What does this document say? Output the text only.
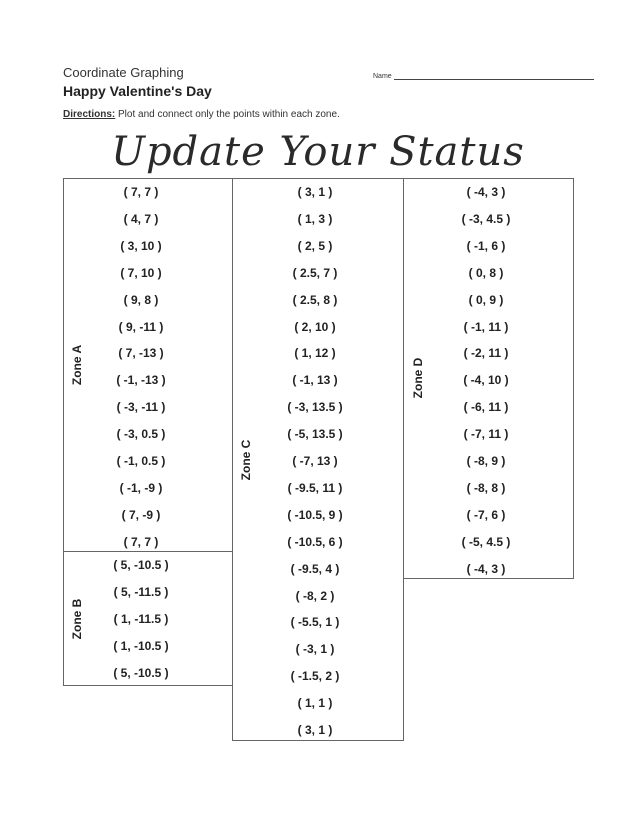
Coordinate Graphing
Happy Valentine's Day
Directions: Plot and connect only the points within each zone.
Name
Update Your Status
Zone A
Zone B
Zone C
Zone D
( 7, 7 )
( 4, 7 )
( 3, 10 )
( 7, 10 )
( 9, 8 )
( 9, -11 )
( 7, -13 )
( -1, -13 )
( -3, -11 )
( -3, 0.5 )
( -1, 0.5 )
( -1, -9 )
( 7, -9 )
( 7, 7 )
( 5, -10.5 )
( 5, -11.5 )
( 1, -11.5 )
( 1, -10.5 )
( 5, -10.5 )
( 3, 1 )
( 1, 3 )
( 2, 5 )
( 2.5, 7 )
( 2.5, 8 )
( 2, 10 )
( 1, 12 )
( -1, 13 )
( -3, 13.5 )
( -5, 13.5 )
( -7, 13 )
( -9.5, 11 )
( -10.5, 9 )
( -10.5, 6 )
( -9.5, 4 )
( -8, 2 )
( -5.5, 1 )
( -3, 1 )
( -1.5, 2 )
( 1, 1 )
( 3, 1 )
( -4, 3 )
( -3, 4.5 )
( -1, 6 )
( 0, 8 )
( 0, 9 )
( -1, 11 )
( -2, 11 )
( -4, 10 )
( -6, 11 )
( -7, 11 )
( -8, 9 )
( -8, 8 )
( -7, 6 )
( -5, 4.5 )
( -4, 3 )
